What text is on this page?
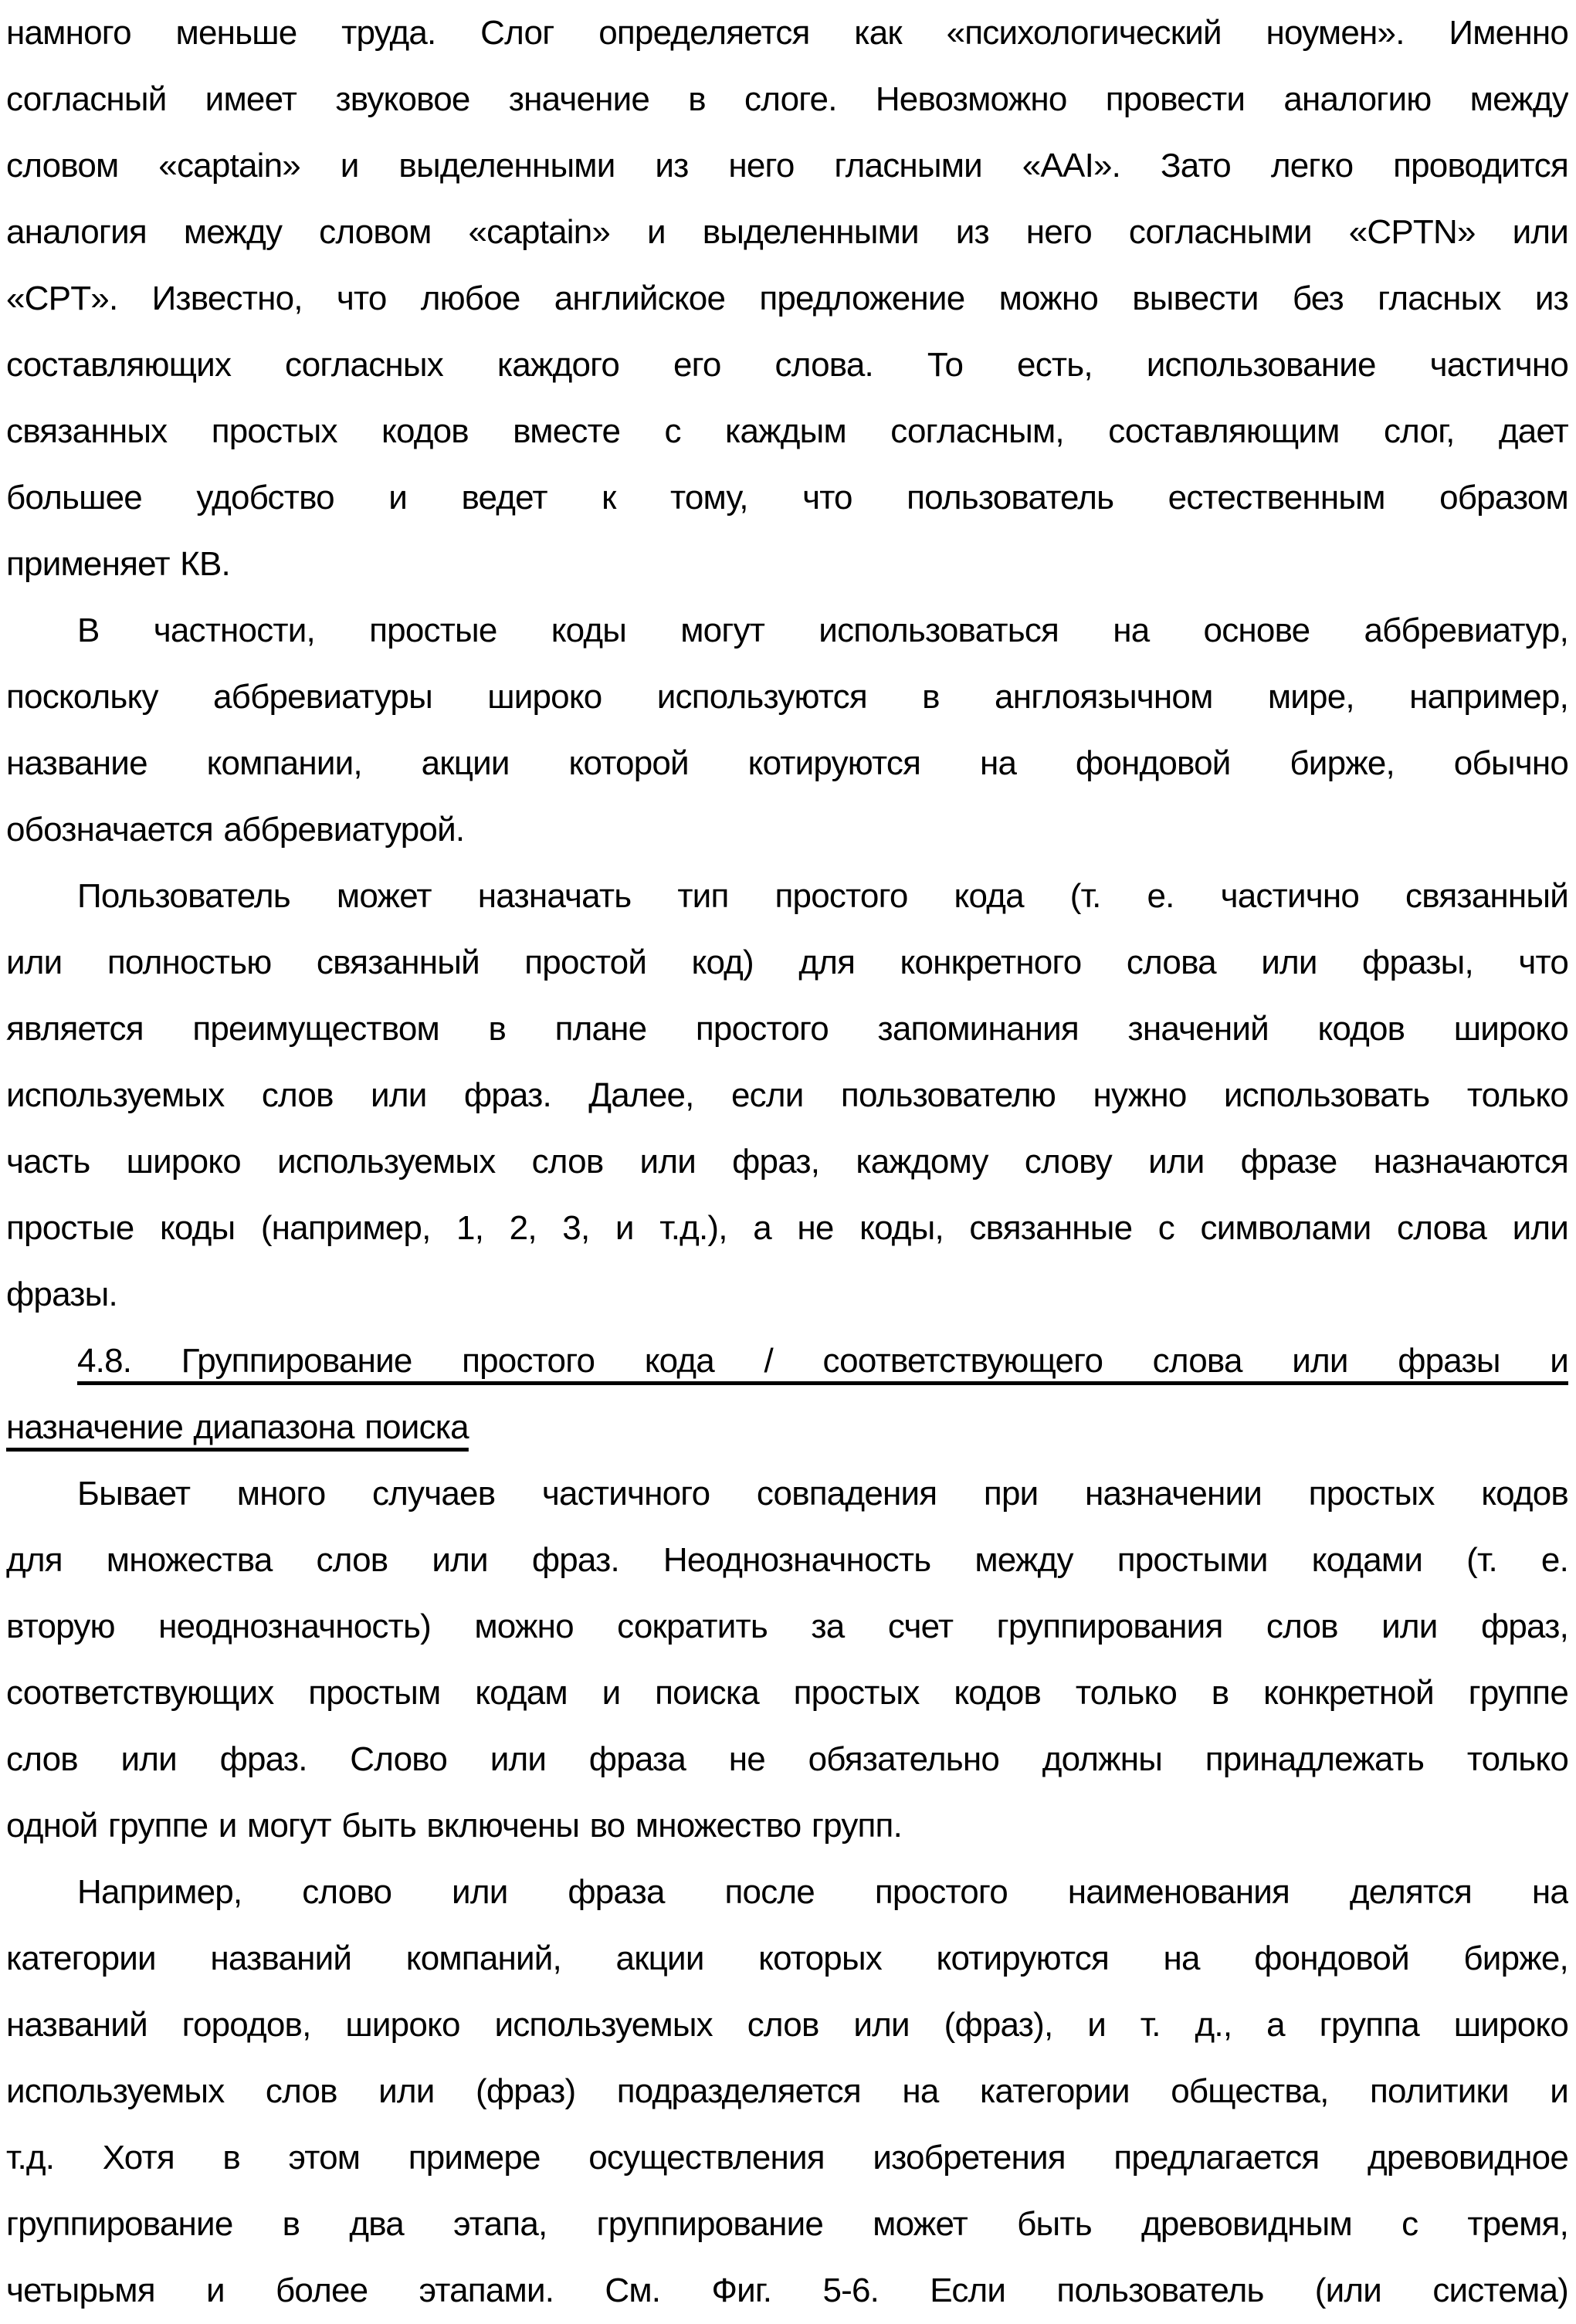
намного меньше труда. Слог определяется как «психологический ноумен». Именно
согласный имеет звуковое значение в слоге. Невозможно провести аналогию между
словом «captain» и выделенными из него гласными «AAI». Зато легко проводится
аналогия между словом «captain» и выделенными из него согласными «CPTN» или
«CPT». Известно, что любое английское предложение можно вывести без гласных из
составляющих согласных каждого его слова. То есть, использование частично
связанных простых кодов вместе с каждым согласным, составляющим слог, дает
большее удобство и ведет к тому, что пользователь естественным образом
применяет КВ.
В частности, простые коды могут использоваться на основе аббревиатур,
поскольку аббревиатуры широко используются в англоязычном мире, например,
название компании, акции которой котируются на фондовой бирже, обычно
обозначается аббревиатурой.
Пользователь может назначать тип простого кода (т. е. частично связанный
или полностью связанный простой код) для конкретного слова или фразы, что
является преимуществом в плане простого запоминания значений кодов широко
используемых слов или фраз. Далее, если пользователю нужно использовать только
часть широко используемых слов или фраз, каждому слову или фразе назначаются
простые коды (например, 1, 2, 3, и т.д.), а не коды, связанные с символами слова или
фразы.
4.8. Группирование простого кода / соответствующего слова или фразы и
назначение диапазона поиска
Бывает много случаев частичного совпадения при назначении простых кодов
для множества слов или фраз. Неоднозначность между простыми кодами (т. е.
вторую неоднозначность) можно сократить за счет группирования слов или фраз,
соответствующих простым кодам и поиска простых кодов только в конкретной группе
слов или фраз. Слово или фраза не обязательно должны принадлежать только
одной группе и могут быть включены во множество групп.
Например, слово или фраза после простого наименования делятся на
категории названий компаний, акции которых котируются на фондовой бирже,
названий городов, широко используемых слов или (фраз), и т. д., а группа широко
используемых слов или (фраз) подразделяется на категории общества, политики и
т.д. Хотя в этом примере осуществления изобретения предлагается древовидное
группирование в два этапа, группирование может быть древовидным с тремя,
четырьмя и более этапами. См. Фиг. 5-6. Если пользователь (или система)
